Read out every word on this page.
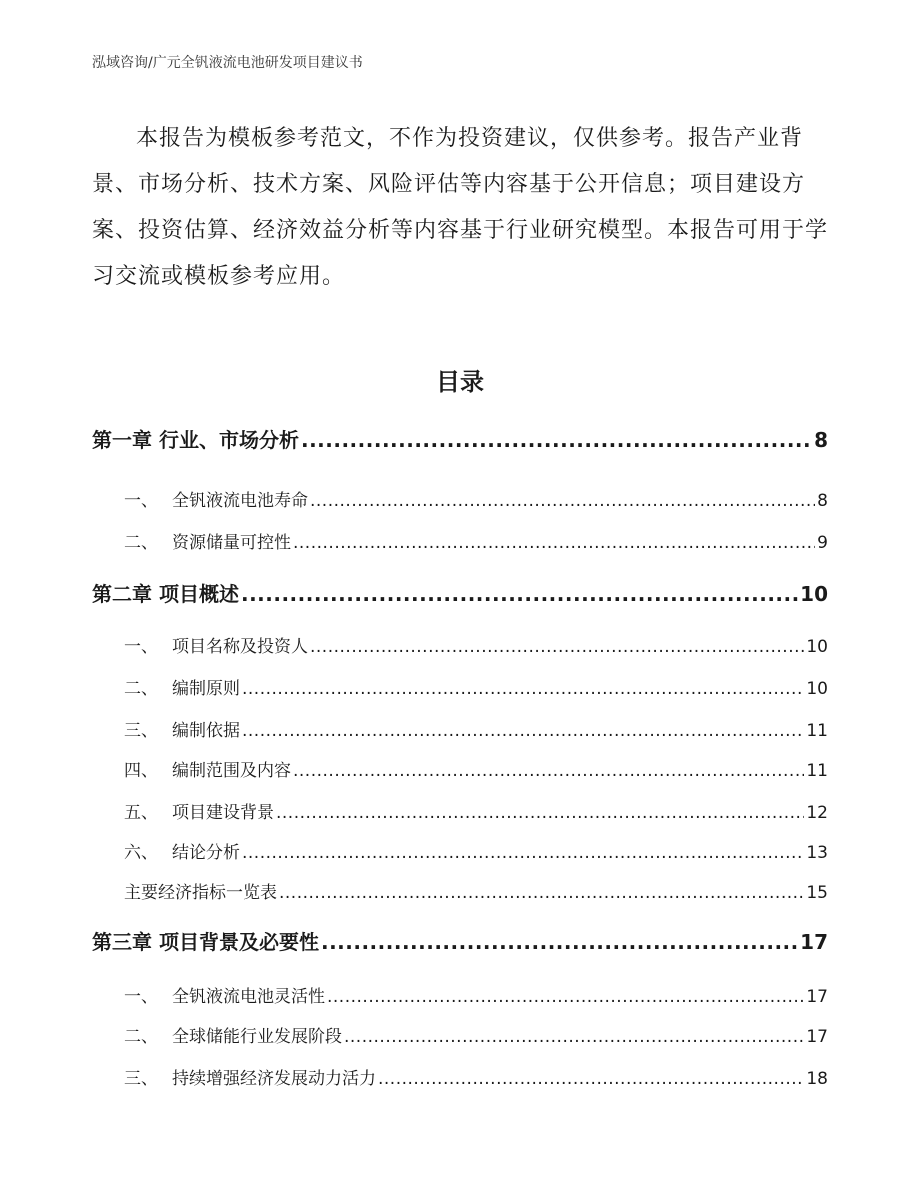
泓域咨询/广元全钒液流电池研发项目建议书
本报告为模板参考范文，不作为投资建议，仅供参考。报告产业背景、市场分析、技术方案、风险评估等内容基于公开信息；项目建设方案、投资估算、经济效益分析等内容基于行业研究模型。本报告可用于学习交流或模板参考应用。
目录
第一章 行业、市场分析 .....	8
一、 全钒液流电池寿命 .....	8
二、 资源储量可控性 .....	9
第二章 项目概述 .....	10
一、 项目名称及投资人 .....	10
二、 编制原则 .....	10
三、 编制依据 .....	11
四、 编制范围及内容 .....	11
五、 项目建设背景 .....	12
六、 结论分析 .....	13
主要经济指标一览表 .....	15
第三章 项目背景及必要性 .....	17
一、 全钒液流电池灵活性 .....	17
二、 全球储能行业发展阶段 .....	17
三、 持续增强经济发展动力活力 .....	18
